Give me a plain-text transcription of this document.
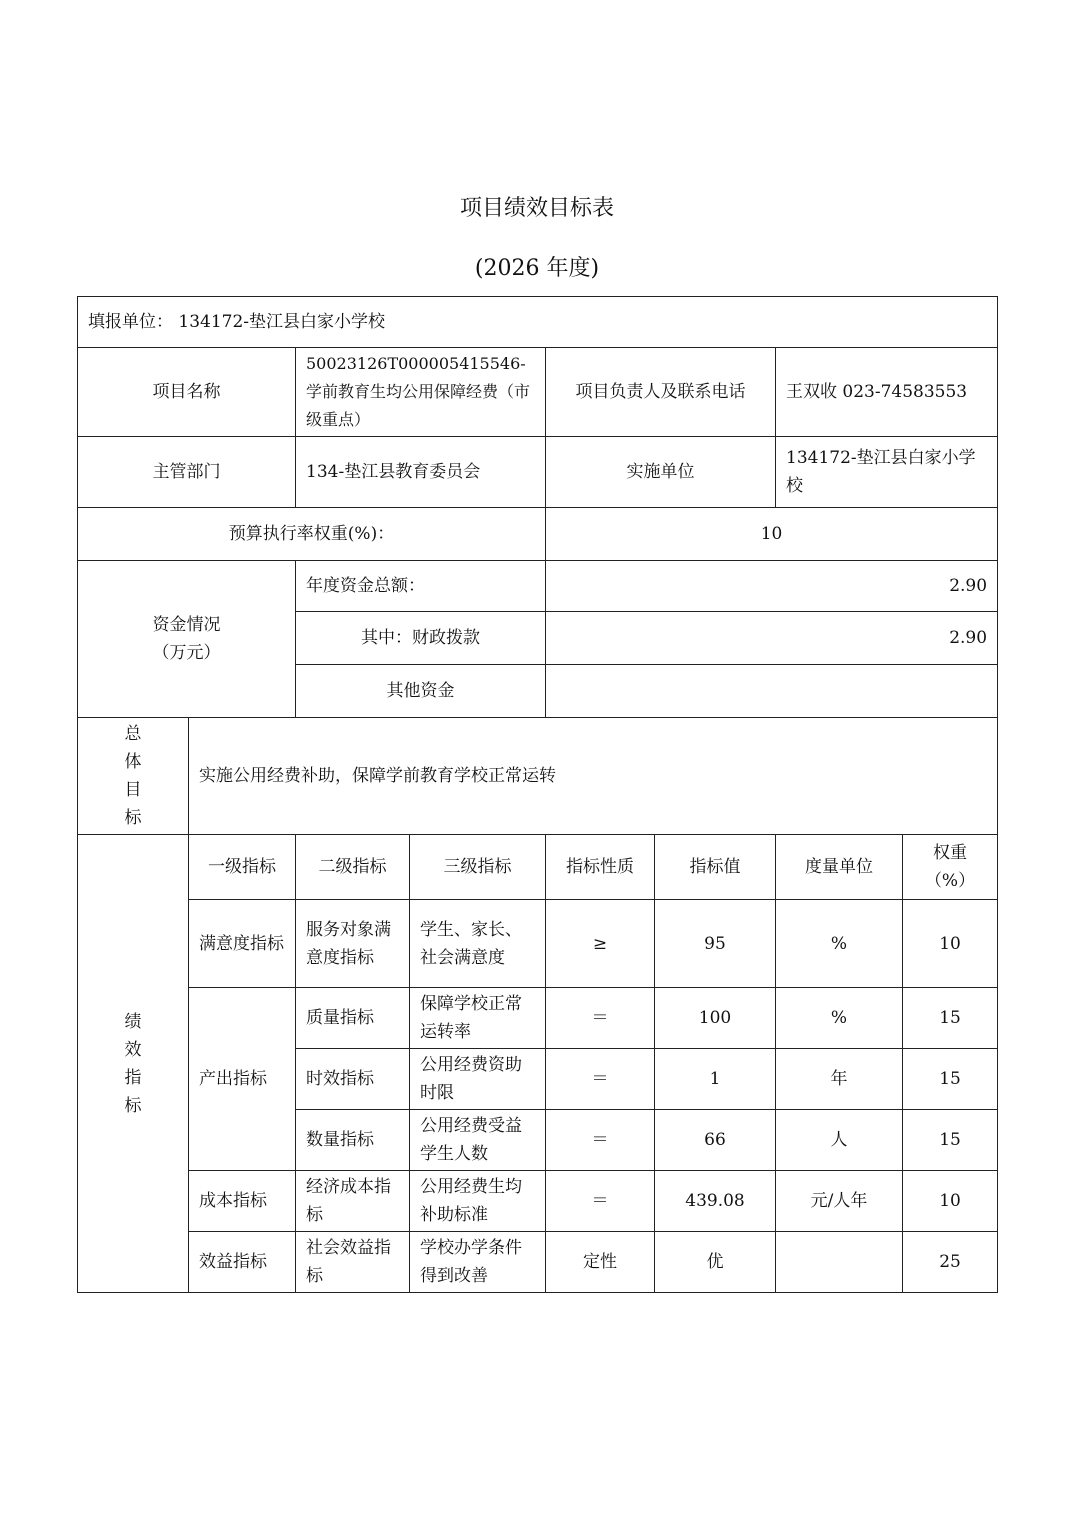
项目绩效目标表
(2026 年度)
填报单位： 134172-垫江县白家小学校							
项目名称		50023126T000005415546-学前教育生均公用保障经费（市级重点）		项目负责人及联系电话		王双收 023-74583553	
主管部门		134-垫江县教育委员会		实施单位		134172-垫江县白家小学校	
预算执行率权重(%)：				10			

资金情况
（万元）		年度资金总额：		2.90			
		其中：财政拨款		2.90			
		其他资金					

总
体
目
标	实施公用经费补助，保障学前教育学校正常运转						

绩
效
指
标	一级指标	二级指标	三级指标	指标性质	指标值	度量单位	权重（%）
	满意度指标	服务对象满意度指标	学生、家长、社会满意度	≥	95	%	10
	产出指标	质量指标	保障学校正常运转率	＝	100	%	15
		时效指标	公用经费资助时限	＝	1	年	15
		数量指标	公用经费受益学生人数	＝	66	人	15
	成本指标	经济成本指标	公用经费生均补助标准	＝	439.08	元/人年	10
	效益指标	社会效益指标	学校办学条件得到改善	定性	优		25
